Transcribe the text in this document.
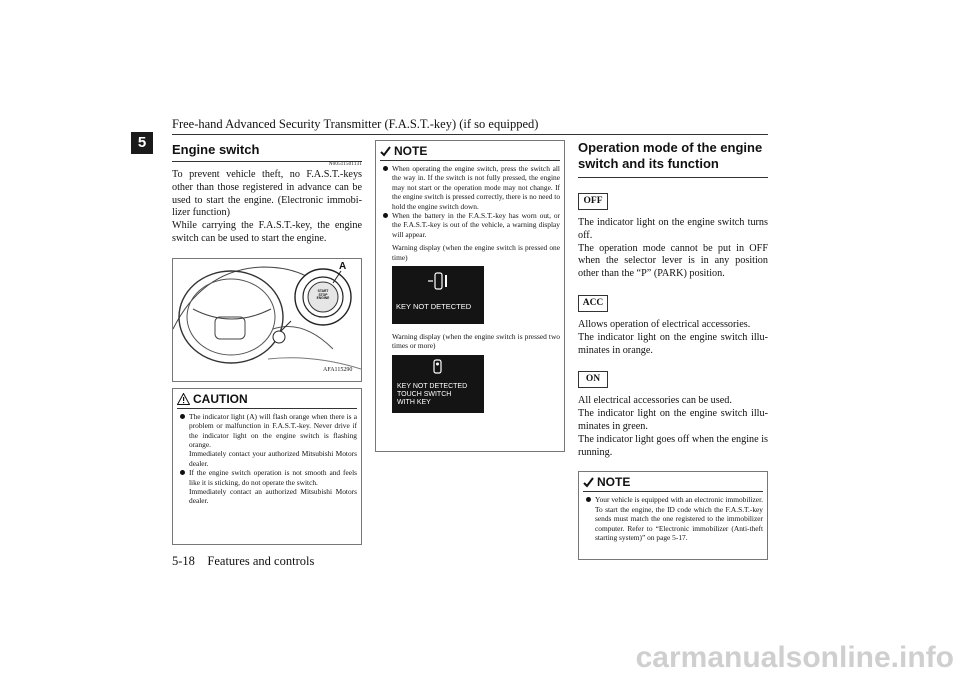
Free-hand Advanced Security Transmitter (F.A.S.T.-key) (if so equipped)
5	Engine switch
N00511501131
To prevent vehicle theft, no F.A.S.T.-keys other than those registered in advance can be used to start the engine. (Electronic immobi- lizer function)
While carrying the F.A.S.T.-key, the engine switch can be used to start the engine.
START
STOP
ENGINE
A
AFA115290
CAUTION
The indicator light (A) will flash orange when there is a problem or malfunction in F.A.S.T.-key. Never drive if the indicator light on the engine switch is flashing orange.
Immediately contact your authorized Mitsubishi Motors dealer.
If the engine switch operation is not smooth and feels like it is sticking, do not operate the switch.
Immediately contact an authorized Mitsubishi Motors dealer.
NOTE
When operating the engine switch, press the switch all the way in. If the switch is not fully pressed, the engine may not start or the operation mode may not change. If the engine switch is pressed correctly, there is no need to hold the engine switch down.
When the battery in the F.A.S.T.-key has worn out, or the F.A.S.T.-key is out of the vehicle, a warning display will appear.
Warning display (when the engine switch is pressed one time)
KEY NOT DETECTED
Warning display (when the engine switch is pressed two times or more)
KEY NOT DETECTED
TOUCH SWITCH
WITH KEY
Operation mode of the engine switch and its function
OFF
The indicator light on the engine switch turns off.
The operation mode cannot be put in OFF when the selector lever is in any position other than the “P” (PARK) position.
ACC
Allows operation of electrical accessories.
The indicator light on the engine switch illu- minates in orange.
ON
All electrical accessories can be used.
The indicator light on the engine switch illu- minates in green.
The indicator light goes off when the engine is running.
NOTE
Your vehicle is equipped with an electronic immobilizer. To start the engine, the ID code which the F.A.S.T.-key sends must match the one registered to the immobilizer computer. Refer to “Electronic immobilizer (Anti-theft starting system)” on page 5-17.
5-18    Features and controls
carmanualsonline.info
